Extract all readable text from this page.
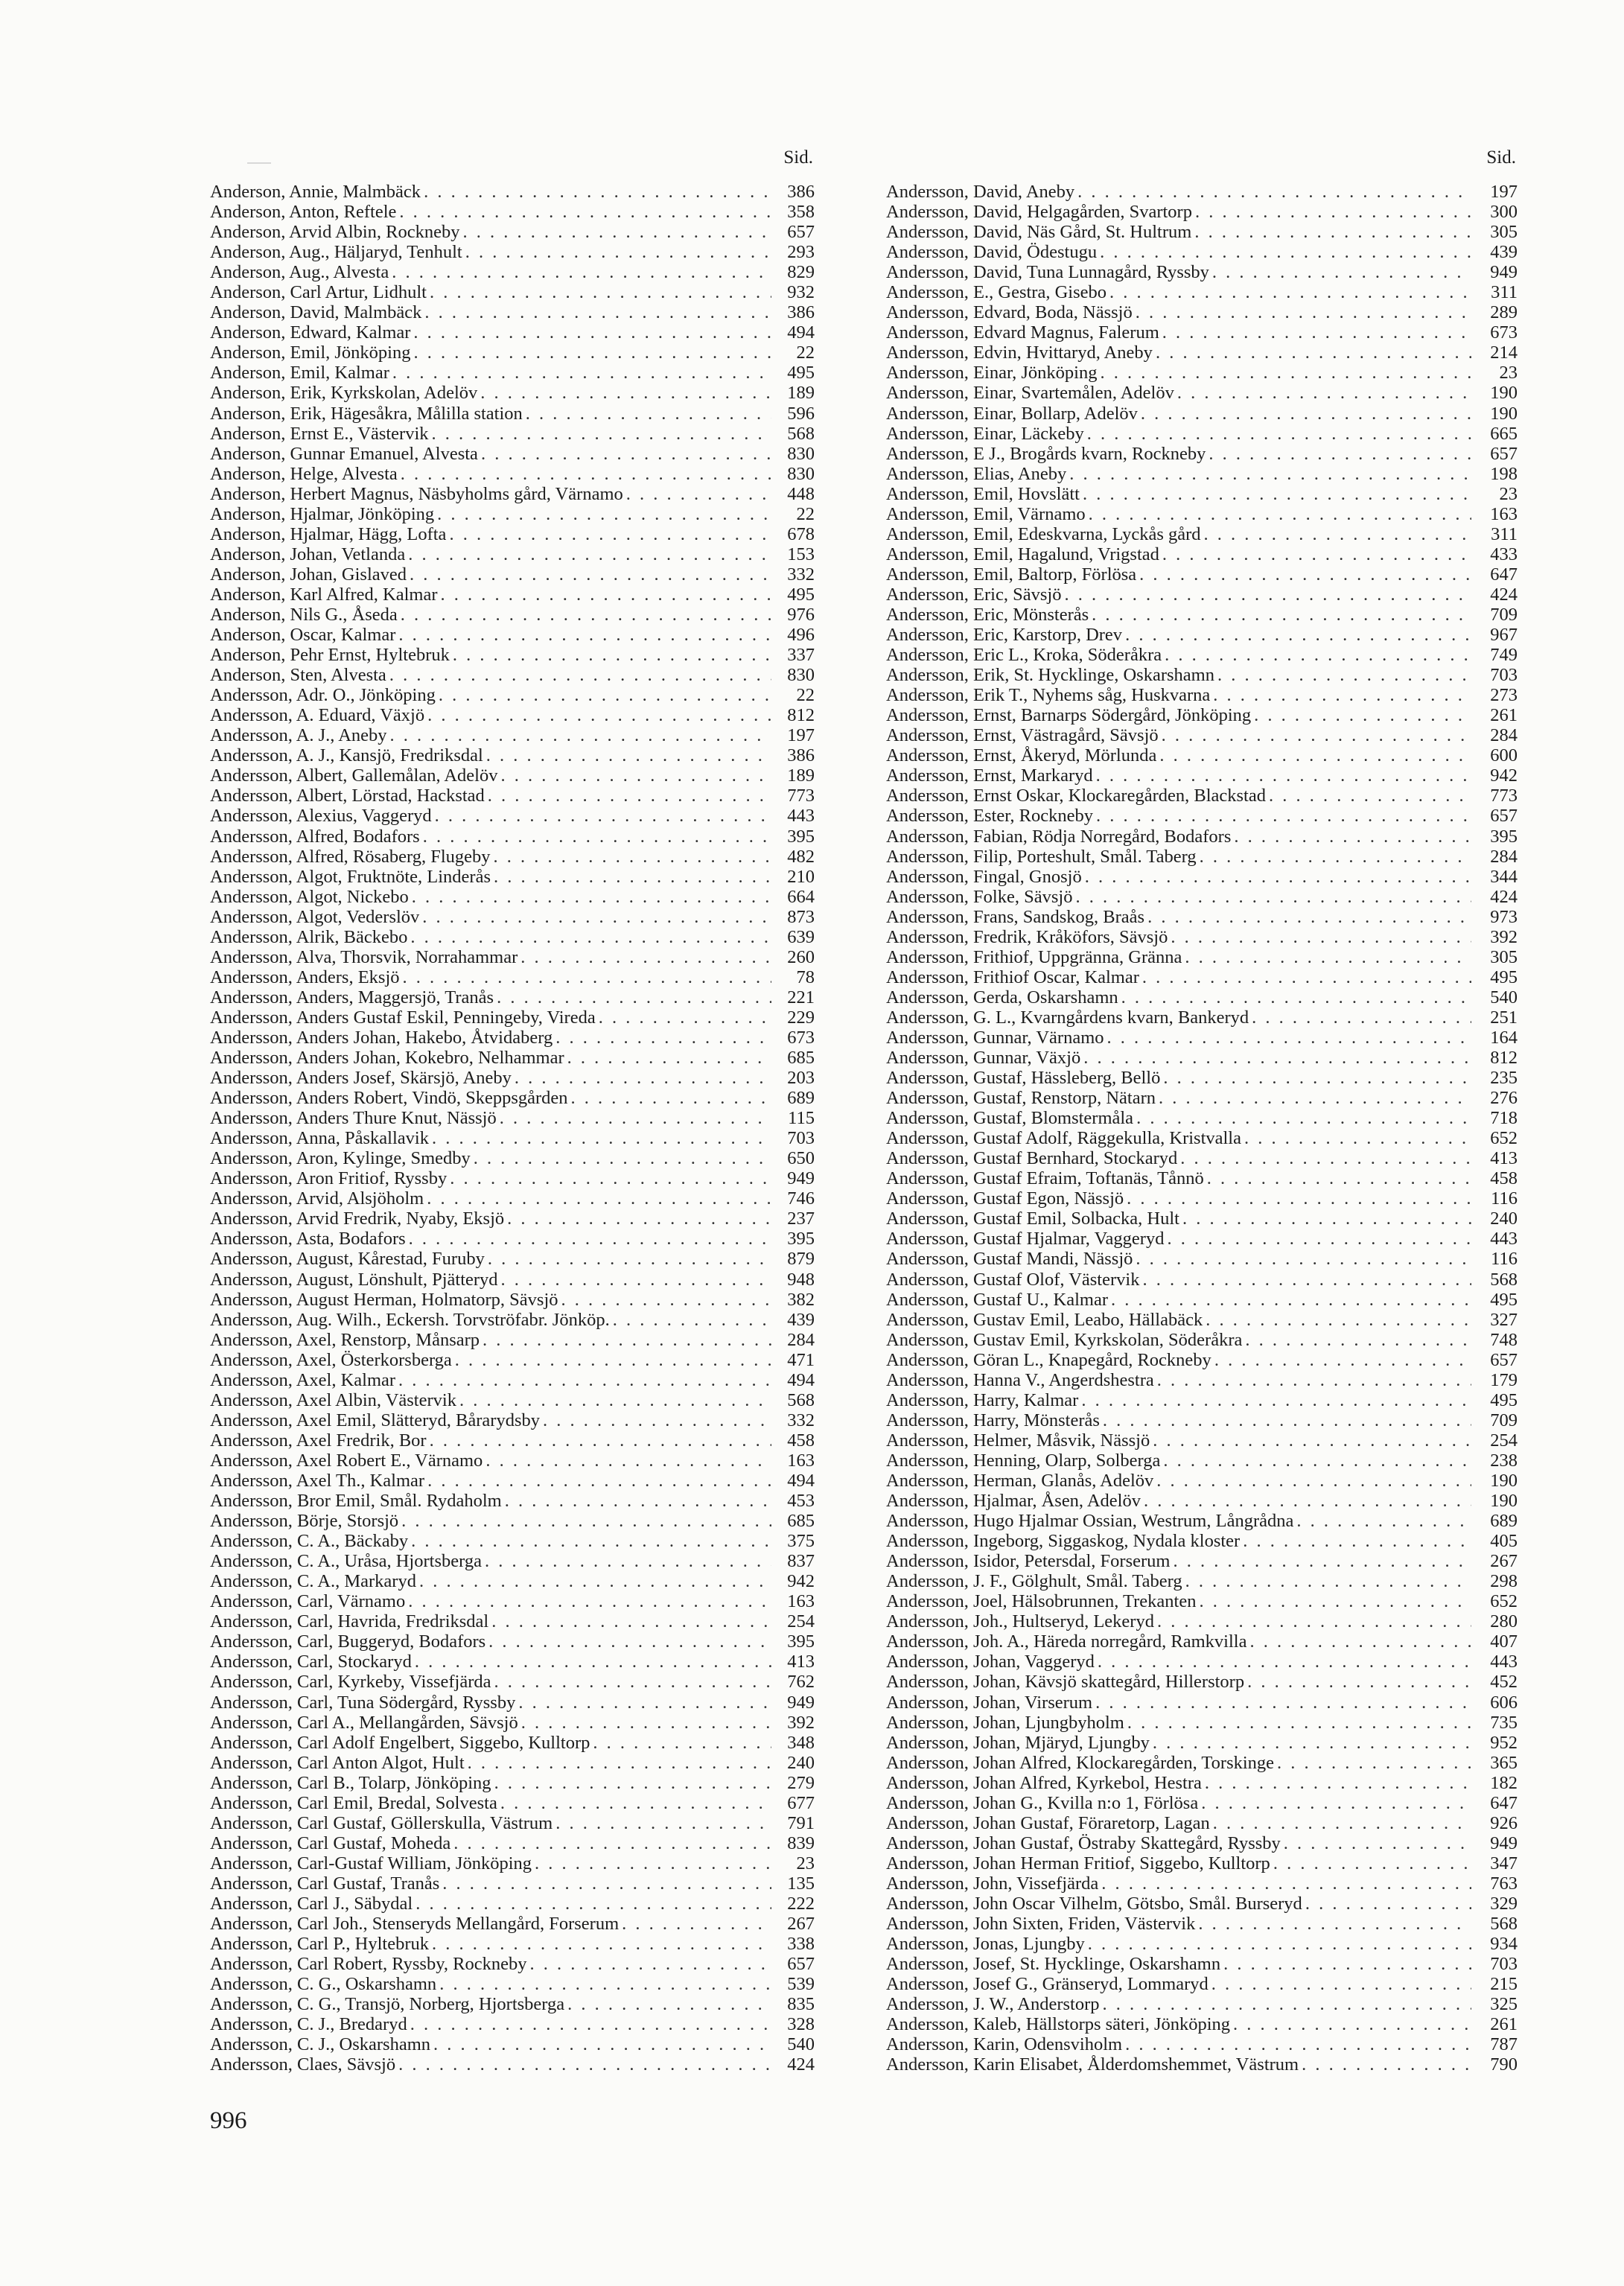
Sid.
Anderson, Annie, Malmbäck . . .	386
Anderson, Anton, Reftele . . .	358
Anderson, Arvid Albin, Rockneby . . .	657
Anderson, Aug., Häljaryd, Tenhult . . .	293
Anderson, Aug., Alvesta . . .	829
Anderson, Carl Artur, Lidhult . . .	932
Anderson, David, Malmbäck . . .	386
Anderson, Edward, Kalmar . . .	494
Anderson, Emil, Jönköping . . .	22
Anderson, Emil, Kalmar . . .	495
Anderson, Erik, Kyrkskolan, Adelöv . . .	189
Anderson, Erik, Hägesåkra, Målilla station . . .	596
Anderson, Ernst E., Västervik . . .	568
Anderson, Gunnar Emanuel, Alvesta . . .	830
Anderson, Helge, Alvesta . . .	830
Anderson, Herbert Magnus, Näsbyholms gård, Värnamo . . .	448
Anderson, Hjalmar, Jönköping . . .	22
Anderson, Hjalmar, Hägg, Lofta . . .	678
Anderson, Johan, Vetlanda . . .	153
Anderson, Johan, Gislaved . . .	332
Anderson, Karl Alfred, Kalmar . . .	495
Anderson, Nils G., Åseda . . .	976
Anderson, Oscar, Kalmar . . .	496
Anderson, Pehr Ernst, Hyltebruk . . .	337
Anderson, Sten, Alvesta . . .	830
Andersson, Adr. O., Jönköping . . .	22
Andersson, A. Eduard, Växjö . . .	812
Andersson, A. J., Aneby . . .	197
Andersson, A. J., Kansjö, Fredriksdal . . .	386
Andersson, Albert, Gallemålan, Adelöv . . .	189
Andersson, Albert, Lörstad, Hackstad . . .	773
Andersson, Alexius, Vaggeryd . . .	443
Andersson, Alfred, Bodafors . . .	395
Andersson, Alfred, Rösaberg, Flugeby . . .	482
Andersson, Algot, Fruktnöte, Linderås . . .	210
Andersson, Algot, Nickebo . . .	664
Andersson, Algot, Vederslöv . . .	873
Andersson, Alrik, Bäckebo . . .	639
Andersson, Alva, Thorsvik, Norrahammar . . .	260
Andersson, Anders, Eksjö . . .	78
Andersson, Anders, Maggersjö, Tranås . . .	221
Andersson, Anders Gustaf Eskil, Penningeby, Vireda . . .	229
Andersson, Anders Johan, Hakebo, Åtvidaberg . . .	673
Andersson, Anders Johan, Kokebro, Nelhammar . . .	685
Andersson, Anders Josef, Skärsjö, Aneby . . .	203
Andersson, Anders Robert, Vindö, Skeppsgården . . .	689
Andersson, Anders Thure Knut, Nässjö . . .	115
Andersson, Anna, Påskallavik . . .	703
Andersson, Aron, Kylinge, Smedby . . .	650
Andersson, Aron Fritiof, Ryssby . . .	949
Andersson, Arvid, Alsjöholm . . .	746
Andersson, Arvid Fredrik, Nyaby, Eksjö . . .	237
Andersson, Asta, Bodafors . . .	395
Andersson, August, Kårestad, Furuby . . .	879
Andersson, August, Lönshult, Pjätteryd . . .	948
Andersson, August Herman, Holmatorp, Sävsjö . . .	382
Andersson, Aug. Wilh., Eckersh. Torvströfabr. Jönköp. . . .	439
Andersson, Axel, Renstorp, Månsarp . . .	284
Andersson, Axel, Österkorsberga . . .	471
Andersson, Axel, Kalmar . . .	494
Andersson, Axel Albin, Västervik . . .	568
Andersson, Axel Emil, Slätteryd, Bårarydsby . . .	332
Andersson, Axel Fredrik, Bor . . .	458
Andersson, Axel Robert E., Värnamo . . .	163
Andersson, Axel Th., Kalmar . . .	494
Andersson, Bror Emil, Smål. Rydaholm . . .	453
Andersson, Börje, Storsjö . . .	685
Andersson, C. A., Bäckaby . . .	375
Andersson, C. A., Uråsa, Hjortsberga . . .	837
Andersson, C. A., Markaryd . . .	942
Andersson, Carl, Värnamo . . .	163
Andersson, Carl, Havrida, Fredriksdal . . .	254
Andersson, Carl, Buggeryd, Bodafors . . .	395
Andersson, Carl, Stockaryd . . .	413
Andersson, Carl, Kyrkeby, Vissefjärda . . .	762
Andersson, Carl, Tuna Södergård, Ryssby . . .	949
Andersson, Carl A., Mellangården, Sävsjö . . .	392
Andersson, Carl Adolf Engelbert, Siggebo, Kulltorp . . .	348
Andersson, Carl Anton Algot, Hult . . .	240
Andersson, Carl B., Tolarp, Jönköping . . .	279
Andersson, Carl Emil, Bredal, Solvesta . . .	677
Andersson, Carl Gustaf, Göllerskulla, Västrum . . .	791
Andersson, Carl Gustaf, Moheda . . .	839
Andersson, Carl-Gustaf William, Jönköping . . .	23
Andersson, Carl Gustaf, Tranås . . .	135
Andersson, Carl J., Säbydal . . .	222
Andersson, Carl Joh., Stenseryds Mellangård, Forserum . . .	267
Andersson, Carl P., Hyltebruk . . .	338
Andersson, Carl Robert, Ryssby, Rockneby . . .	657
Andersson, C. G., Oskarshamn . . .	539
Andersson, C. G., Transjö, Norberg, Hjortsberga . . .	835
Andersson, C. J., Bredaryd . . .	328
Andersson, C. J., Oskarshamn . . .	540
Andersson, Claes, Sävsjö . . .	424
Sid.
Andersson, David, Aneby . . .	197
Andersson, David, Helgagården, Svartorp . . .	300
Andersson, David, Näs Gård, St. Hultrum . . .	305
Andersson, David, Ödestugu . . .	439
Andersson, David, Tuna Lunnagård, Ryssby . . .	949
Andersson, E., Gestra, Gisebo . . .	311
Andersson, Edvard, Boda, Nässjö . . .	289
Andersson, Edvard Magnus, Falerum . . .	673
Andersson, Edvin, Hvittaryd, Aneby . . .	214
Andersson, Einar, Jönköping . . .	23
Andersson, Einar, Svartemålen, Adelöv . . .	190
Andersson, Einar, Bollarp, Adelöv . . .	190
Andersson, Einar, Läckeby . . .	665
Andersson, E J., Brogårds kvarn, Rockneby . . .	657
Andersson, Elias, Aneby . . .	198
Andersson, Emil, Hovslätt . . .	23
Andersson, Emil, Värnamo . . .	163
Andersson, Emil, Edeskvarna, Lyckås gård . . .	311
Andersson, Emil, Hagalund, Vrigstad . . .	433
Andersson, Emil, Baltorp, Förlösa . . .	647
Andersson, Eric, Sävsjö . . .	424
Andersson, Eric, Mönsterås . . .	709
Andersson, Eric, Karstorp, Drev . . .	967
Andersson, Eric L., Kroka, Söderåkra . . .	749
Andersson, Erik, St. Hycklinge, Oskarshamn . . .	703
Andersson, Erik T., Nyhems såg, Huskvarna . . .	273
Andersson, Ernst, Barnarps Södergård, Jönköping . . .	261
Andersson, Ernst, Västragård, Sävsjö . . .	284
Andersson, Ernst, Åkeryd, Mörlunda . . .	600
Andersson, Ernst, Markaryd . . .	942
Andersson, Ernst Oskar, Klockaregården, Blackstad . . .	773
Andersson, Ester, Rockneby . . .	657
Andersson, Fabian, Rödja Norregård, Bodafors . . .	395
Andersson, Filip, Porteshult, Smål. Taberg . . .	284
Andersson, Fingal, Gnosjö . . .	344
Andersson, Folke, Sävsjö . . .	424
Andersson, Frans, Sandskog, Braås . . .	973
Andersson, Fredrik, Kråköfors, Sävsjö . . .	392
Andersson, Frithiof, Uppgränna, Gränna . . .	305
Andersson, Frithiof Oscar, Kalmar . . .	495
Andersson, Gerda, Oskarshamn . . .	540
Andersson, G. L., Kvarngårdens kvarn, Bankeryd . . .	251
Andersson, Gunnar, Värnamo . . .	164
Andersson, Gunnar, Växjö . . .	812
Andersson, Gustaf, Hässleberg, Bellö . . .	235
Andersson, Gustaf, Renstorp, Nätarn . . .	276
Andersson, Gustaf, Blomstermåla . . .	718
Andersson, Gustaf Adolf, Räggekulla, Kristvalla . . .	652
Andersson, Gustaf Bernhard, Stockaryd . . .	413
Andersson, Gustaf Efraim, Toftanäs, Tånnö . . .	458
Andersson, Gustaf Egon, Nässjö . . .	116
Andersson, Gustaf Emil, Solbacka, Hult . . .	240
Andersson, Gustaf Hjalmar, Vaggeryd . . .	443
Andersson, Gustaf Mandi, Nässjö . . .	116
Andersson, Gustaf Olof, Västervik . . .	568
Andersson, Gustaf U., Kalmar . . .	495
Andersson, Gustav Emil, Leabo, Hällabäck . . .	327
Andersson, Gustav Emil, Kyrkskolan, Söderåkra . . .	748
Andersson, Göran L., Knapegård, Rockneby . . .	657
Andersson, Hanna V., Angerdshestra . . .	179
Andersson, Harry, Kalmar . . .	495
Andersson, Harry, Mönsterås . . .	709
Andersson, Helmer, Måsvik, Nässjö . . .	254
Andersson, Henning, Olarp, Solberga . . .	238
Andersson, Herman, Glanås, Adelöv . . .	190
Andersson, Hjalmar, Åsen, Adelöv . . .	190
Andersson, Hugo Hjalmar Ossian, Westrum, Långrådna . . .	689
Andersson, Ingeborg, Siggaskog, Nydala kloster . . .	405
Andersson, Isidor, Petersdal, Forserum . . .	267
Andersson, J. F., Gölghult, Smål. Taberg . . .	298
Andersson, Joel, Hälsobrunnen, Trekanten . . .	652
Andersson, Joh., Hultseryd, Lekeryd . . .	280
Andersson, Joh. A., Häreda norregård, Ramkvilla . . .	407
Andersson, Johan, Vaggeryd . . .	443
Andersson, Johan, Kävsjö skattegård, Hillerstorp . . .	452
Andersson, Johan, Virserum . . .	606
Andersson, Johan, Ljungbyholm . . .	735
Andersson, Johan, Mjäryd, Ljungby . . .	952
Andersson, Johan Alfred, Klockaregården, Torskinge . . .	365
Andersson, Johan Alfred, Kyrkebol, Hestra . . .	182
Andersson, Johan G., Kvilla n:o 1, Förlösa . . .	647
Andersson, Johan Gustaf, Föraretorp, Lagan . . .	926
Andersson, Johan Gustaf, Östraby Skattegård, Ryssby . . .	949
Andersson, Johan Herman Fritiof, Siggebo, Kulltorp . . .	347
Andersson, John, Vissefjärda . . .	763
Andersson, John Oscar Vilhelm, Götsbo, Smål. Burseryd . . .	329
Andersson, John Sixten, Friden, Västervik . . .	568
Andersson, Jonas, Ljungby . . .	934
Andersson, Josef, St. Hycklinge, Oskarshamn . . .	703
Andersson, Josef G., Gränseryd, Lommaryd . . .	215
Andersson, J. W., Anderstorp . . .	325
Andersson, Kaleb, Hällstorps säteri, Jönköping . . .	261
Andersson, Karin, Odensviholm . . .	787
Andersson, Karin Elisabet, Ålderdomshemmet, Västrum . . .	790
996
